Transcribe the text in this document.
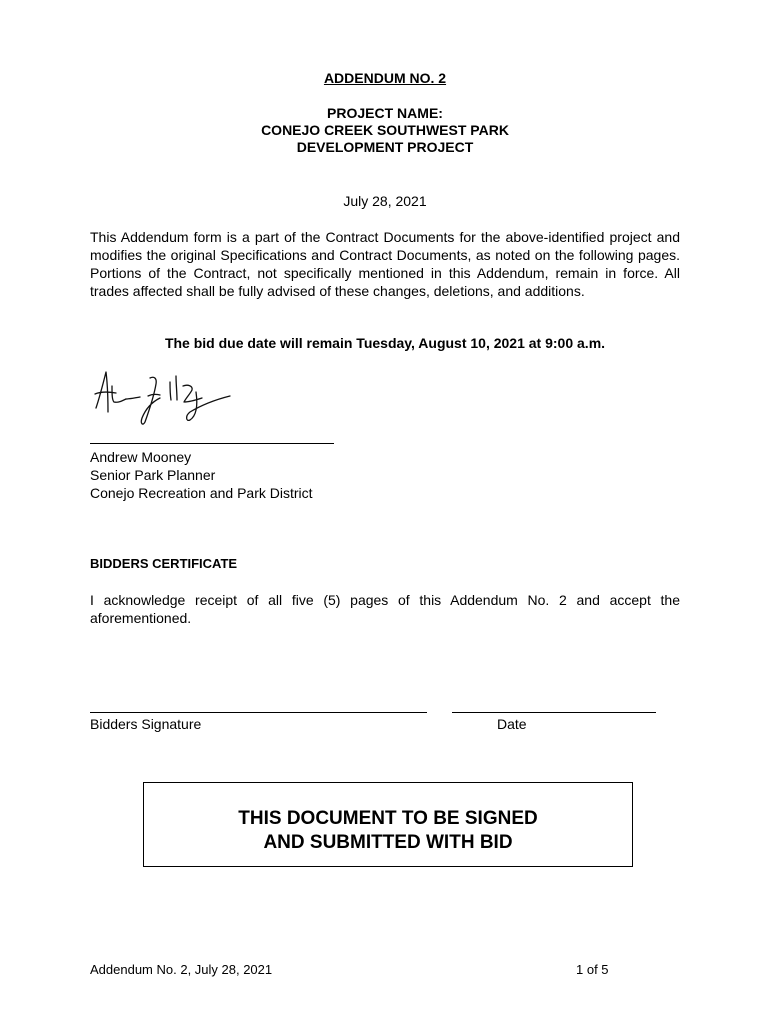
ADDENDUM NO. 2
PROJECT NAME:
CONEJO CREEK SOUTHWEST PARK
DEVELOPMENT PROJECT
July 28, 2021
This Addendum form is a part of the Contract Documents for the above-identified project and modifies the original Specifications and Contract Documents, as noted on the following pages. Portions of the Contract, not specifically mentioned in this Addendum, remain in force. All trades affected shall be fully advised of these changes, deletions, and additions.
The bid due date will remain Tuesday, August 10, 2021 at 9:00 a.m.
Andrew Mooney
Senior Park Planner
Conejo Recreation and Park District
BIDDERS CERTIFICATE
I acknowledge receipt of all five (5) pages of this Addendum No. 2 and accept the
aforementioned.
Bidders Signature	Date
THIS DOCUMENT TO BE SIGNED
AND SUBMITTED WITH BID
Addendum No. 2, July 28, 2021	1 of 5
